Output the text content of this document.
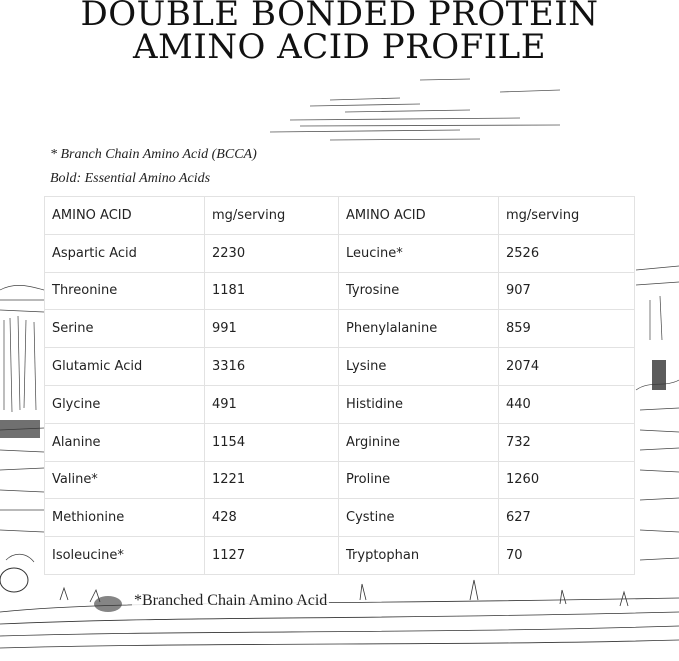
DOUBLE BONDED PROTEIN
AMINO ACID PROFILE
* Branch Chain Amino Acid (BCCA)
Bold: Essential Amino Acids
AMINO ACID	mg/serving	AMINO ACID	mg/serving
Aspartic Acid	2230	Leucine*	2526
Threonine	1181	Tyrosine	907
Serine	991	Phenylalanine	859
Glutamic Acid	3316	Lysine	2074
Glycine	491	Histidine	440
Alanine	1154	Arginine	732
Valine*	1221	Proline	1260
Methionine	428	Cystine	627
Isoleucine*	1127	Tryptophan	70
*Branched Chain Amino Acid
